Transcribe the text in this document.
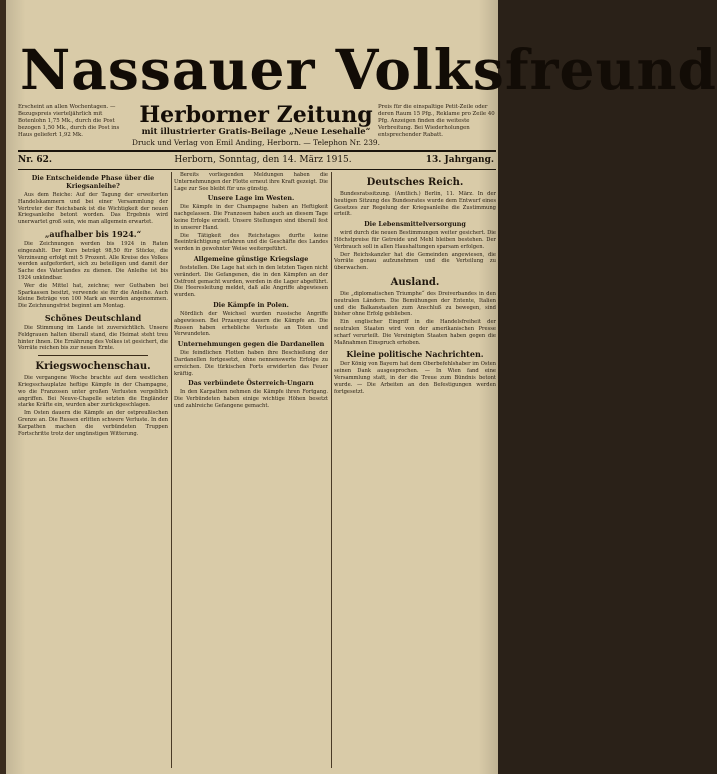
Erscheint an allen Wochentagen. — Bezugspreis vierteljährlich mit Botenlohn 1,75 Mk., durch die Post bezogen 1,50 Mk., durch die Post ins Haus geliefert 1,92 Mk.
Preis für die einspaltige Petit-Zeile oder deren Raum 15 Pfg., Reklame pro Zeile 40 Pfg. Anzeigen finden die weiteste Verbreitung. Bei Wiederholungen entsprechender Rabatt.
Nassauer Volksfreund
Herborner Zeitung
mit illustrierter Gratis-Beilage „Neue Lesehalle“
Druck und Verlag von Emil Anding, Herborn. — Telephon Nr. 239.
Nr. 62.	Herborn, Sonntag, den 14. März 1915.	13. Jahrgang.
Die Entscheidende Phase über die Kriegsanleihe?

Aus dem Reiche: Auf der Tagung der erweiterten Handelskammern und bei einer Versammlung der Vertreter der Reichsbank ist die Wichtigkeit der neuen Kriegsanleihe betont worden. Das Ergebnis wird unerwartet groß sein, wie man allgemein erwartet.

„aufhalber bis 1924.“

Die Zeichnungen werden bis 1924 in Raten eingezahlt. Der Kurs beträgt 98,50 für Stücke, die Verzinsung erfolgt mit 5 Prozent. Alle Kreise des Volkes werden aufgefordert, sich zu beteiligen und damit der Sache des Vaterlandes zu dienen. Die Anleihe ist bis 1924 unkündbar.

Wer die Mittel hat, zeichne; wer Guthaben bei Sparkassen besitzt, verwende sie für die Anleihe. Auch kleine Beträge von 100 Mark an werden angenommen. Die Zeichnungsfrist beginnt am Montag.

Schönes Deutschland

Die Stimmung im Lande ist zuversichtlich. Unsere Feldgrauen halten überall stand, die Heimat steht treu hinter ihnen. Die Ernährung des Volkes ist gesichert, die Vorräte reichen bis zur neuen Ernte.

Kriegswochenschau.

Die vergangene Woche brachte auf dem westlichen Kriegsschauplatze heftige Kämpfe in der Champagne, wo die Franzosen unter großen Verlusten vergeblich angriffen. Bei Neuve-Chapelle setzten die Engländer starke Kräfte ein, wurden aber zurückgeschlagen.

Im Osten dauern die Kämpfe an der ostpreußischen Grenze an. Die Russen erlitten schwere Verluste. In den Karpathen machen die verbündeten Truppen Fortschritte trotz der ungünstigen Witterung.

Bereits vorliegenden Meldungen haben die Unternehmungen der Flotte erneut ihre Kraft gezeigt. Die Lage zur See bleibt für uns günstig.

Unsere Lage im Westen.

Die Kämpfe in der Champagne haben an Heftigkeit nachgelassen. Die Franzosen haben auch an diesem Tage keine Erfolge erzielt. Unsere Stellungen sind überall fest in unserer Hand.

Die Tätigkeit des Reichstages durfte keine Beeinträchtigung erfahren und die Geschäfte des Landes werden in gewohnter Weise weitergeführt.

Allgemeine günstige Kriegslage

feststellen. Die Lage hat sich in den letzten Tagen nicht verändert. Die Gefangenen, die in den Kämpfen an der Ostfront gemacht wurden, werden in die Lager abgeführt. Die Heeresleitung meldet, daß alle Angriffe abgewiesen wurden.

Die Kämpfe in Polen.

Nördlich der Weichsel wurden russische Angriffe abgewiesen. Bei Przasnysz dauern die Kämpfe an. Die Russen haben erhebliche Verluste an Toten und Verwundeten.

Unternehmungen gegen die Dardanellen

Die feindlichen Flotten haben ihre Beschießung der Dardanellen fortgesetzt, ohne nennenswerte Erfolge zu erreichen. Die türkischen Forts erwiderten das Feuer kräftig.

Das verbündete Österreich-Ungarn

In den Karpathen nehmen die Kämpfe ihren Fortgang. Die Verbündeten haben einige wichtige Höhen besetzt und zahlreiche Gefangene gemacht.

Deutsches Reich.

Bundesratssitzung. (Amtlich.) Berlin, 11. März. In der heutigen Sitzung des Bundesrates wurde dem Entwurf eines Gesetzes zur Regelung der Kriegsanleihe die Zustimmung erteilt.

Die Lebensmittelversorgung

wird durch die neuen Bestimmungen weiter gesichert. Die Höchstpreise für Getreide und Mehl bleiben bestehen. Der Verbrauch soll in allen Haushaltungen sparsam erfolgen.

Der Reichskanzler hat die Gemeinden angewiesen, die Vorräte genau aufzunehmen und die Verteilung zu überwachen.

Ausland.

Die „diplomatischen Triumphe“ des Dreiverbandes in den neutralen Ländern. Die Bemühungen der Entente, Italien und die Balkanstaaten zum Anschluß zu bewegen, sind bisher ohne Erfolg geblieben.

Ein englischer Eingriff in die Handelsfreiheit der neutralen Staaten wird von der amerikanischen Presse scharf verurteilt. Die Vereinigten Staaten haben gegen die Maßnahmen Einspruch erhoben.

Kleine politische Nachrichten.

Der König von Bayern hat dem Oberbefehlshaber im Osten seinen Dank ausgesprochen. — In Wien fand eine Versammlung statt, in der die Treue zum Bündnis betont wurde. — Die Arbeiten an den Befestigungen werden fortgesetzt.
